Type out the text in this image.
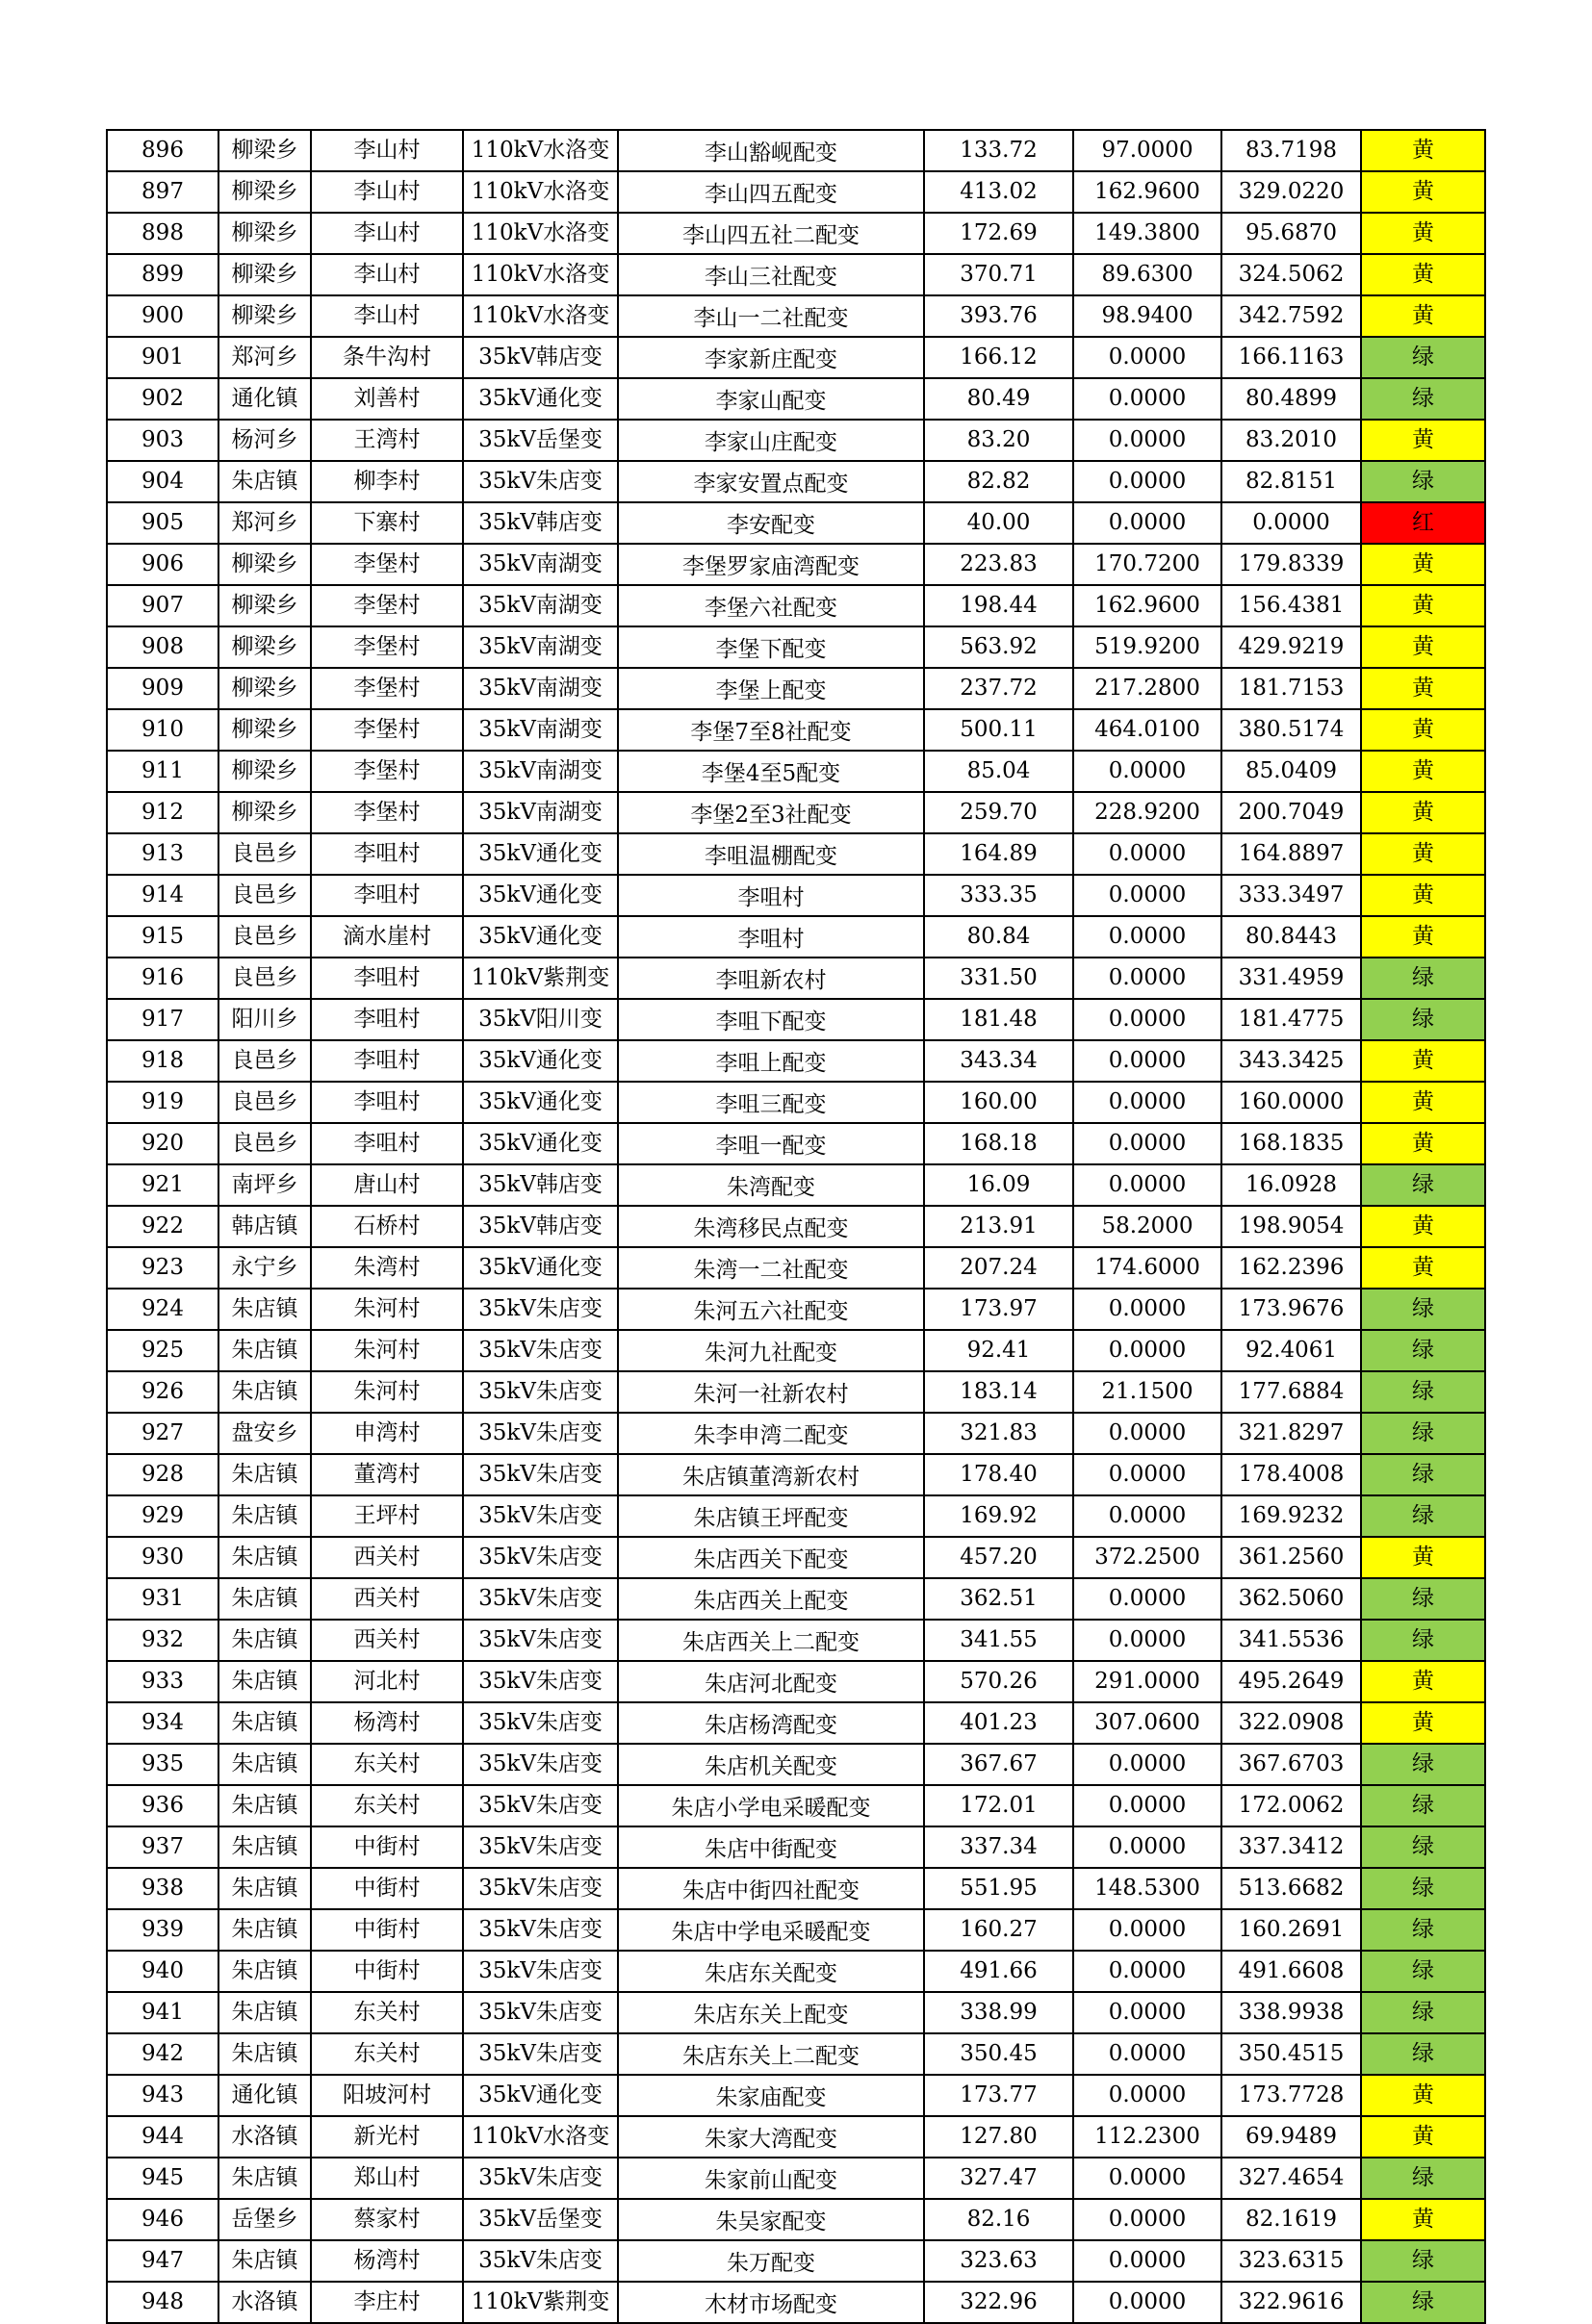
896	柳梁乡	李山村	110kV水洛变	李山豁岘配变	133.72	97.0000	83.7198	黄
897	柳梁乡	李山村	110kV水洛变	李山四五配变	413.02	162.9600	329.0220	黄
898	柳梁乡	李山村	110kV水洛变	李山四五社二配变	172.69	149.3800	95.6870	黄
899	柳梁乡	李山村	110kV水洛变	李山三社配变	370.71	89.6300	324.5062	黄
900	柳梁乡	李山村	110kV水洛变	李山一二社配变	393.76	98.9400	342.7592	黄
901	郑河乡	条牛沟村	35kV韩店变	李家新庄配变	166.12	0.0000	166.1163	绿
902	通化镇	刘善村	35kV通化变	李家山配变	80.49	0.0000	80.4899	绿
903	杨河乡	王湾村	35kV岳堡变	李家山庄配变	83.20	0.0000	83.2010	黄
904	朱店镇	柳李村	35kV朱店变	李家安置点配变	82.82	0.0000	82.8151	绿
905	郑河乡	下寨村	35kV韩店变	李安配变	40.00	0.0000	0.0000	红
906	柳梁乡	李堡村	35kV南湖变	李堡罗家庙湾配变	223.83	170.7200	179.8339	黄
907	柳梁乡	李堡村	35kV南湖变	李堡六社配变	198.44	162.9600	156.4381	黄
908	柳梁乡	李堡村	35kV南湖变	李堡下配变	563.92	519.9200	429.9219	黄
909	柳梁乡	李堡村	35kV南湖变	李堡上配变	237.72	217.2800	181.7153	黄
910	柳梁乡	李堡村	35kV南湖变	李堡7至8社配变	500.11	464.0100	380.5174	黄
911	柳梁乡	李堡村	35kV南湖变	李堡4至5配变	85.04	0.0000	85.0409	黄
912	柳梁乡	李堡村	35kV南湖变	李堡2至3社配变	259.70	228.9200	200.7049	黄
913	良邑乡	李咀村	35kV通化变	李咀温棚配变	164.89	0.0000	164.8897	黄
914	良邑乡	李咀村	35kV通化变	李咀村	333.35	0.0000	333.3497	黄
915	良邑乡	滴水崖村	35kV通化变	李咀村	80.84	0.0000	80.8443	黄
916	良邑乡	李咀村	110kV紫荆变	李咀新农村	331.50	0.0000	331.4959	绿
917	阳川乡	李咀村	35kV阳川变	李咀下配变	181.48	0.0000	181.4775	绿
918	良邑乡	李咀村	35kV通化变	李咀上配变	343.34	0.0000	343.3425	黄
919	良邑乡	李咀村	35kV通化变	李咀三配变	160.00	0.0000	160.0000	黄
920	良邑乡	李咀村	35kV通化变	李咀一配变	168.18	0.0000	168.1835	黄
921	南坪乡	唐山村	35kV韩店变	朱湾配变	16.09	0.0000	16.0928	绿
922	韩店镇	石桥村	35kV韩店变	朱湾移民点配变	213.91	58.2000	198.9054	黄
923	永宁乡	朱湾村	35kV通化变	朱湾一二社配变	207.24	174.6000	162.2396	黄
924	朱店镇	朱河村	35kV朱店变	朱河五六社配变	173.97	0.0000	173.9676	绿
925	朱店镇	朱河村	35kV朱店变	朱河九社配变	92.41	0.0000	92.4061	绿
926	朱店镇	朱河村	35kV朱店变	朱河一社新农村	183.14	21.1500	177.6884	绿
927	盘安乡	申湾村	35kV朱店变	朱李申湾二配变	321.83	0.0000	321.8297	绿
928	朱店镇	董湾村	35kV朱店变	朱店镇董湾新农村	178.40	0.0000	178.4008	绿
929	朱店镇	王坪村	35kV朱店变	朱店镇王坪配变	169.92	0.0000	169.9232	绿
930	朱店镇	西关村	35kV朱店变	朱店西关下配变	457.20	372.2500	361.2560	黄
931	朱店镇	西关村	35kV朱店变	朱店西关上配变	362.51	0.0000	362.5060	绿
932	朱店镇	西关村	35kV朱店变	朱店西关上二配变	341.55	0.0000	341.5536	绿
933	朱店镇	河北村	35kV朱店变	朱店河北配变	570.26	291.0000	495.2649	黄
934	朱店镇	杨湾村	35kV朱店变	朱店杨湾配变	401.23	307.0600	322.0908	黄
935	朱店镇	东关村	35kV朱店变	朱店机关配变	367.67	0.0000	367.6703	绿
936	朱店镇	东关村	35kV朱店变	朱店小学电采暖配变	172.01	0.0000	172.0062	绿
937	朱店镇	中街村	35kV朱店变	朱店中街配变	337.34	0.0000	337.3412	绿
938	朱店镇	中街村	35kV朱店变	朱店中街四社配变	551.95	148.5300	513.6682	绿
939	朱店镇	中街村	35kV朱店变	朱店中学电采暖配变	160.27	0.0000	160.2691	绿
940	朱店镇	中街村	35kV朱店变	朱店东关配变	491.66	0.0000	491.6608	绿
941	朱店镇	东关村	35kV朱店变	朱店东关上配变	338.99	0.0000	338.9938	绿
942	朱店镇	东关村	35kV朱店变	朱店东关上二配变	350.45	0.0000	350.4515	绿
943	通化镇	阳坡河村	35kV通化变	朱家庙配变	173.77	0.0000	173.7728	黄
944	水洛镇	新光村	110kV水洛变	朱家大湾配变	127.80	112.2300	69.9489	黄
945	朱店镇	郑山村	35kV朱店变	朱家前山配变	327.47	0.0000	327.4654	绿
946	岳堡乡	蔡家村	35kV岳堡变	朱吴家配变	82.16	0.0000	82.1619	黄
947	朱店镇	杨湾村	35kV朱店变	朱万配变	323.63	0.0000	323.6315	绿
948	水洛镇	李庄村	110kV紫荆变	木材市场配变	322.96	0.0000	322.9616	绿
